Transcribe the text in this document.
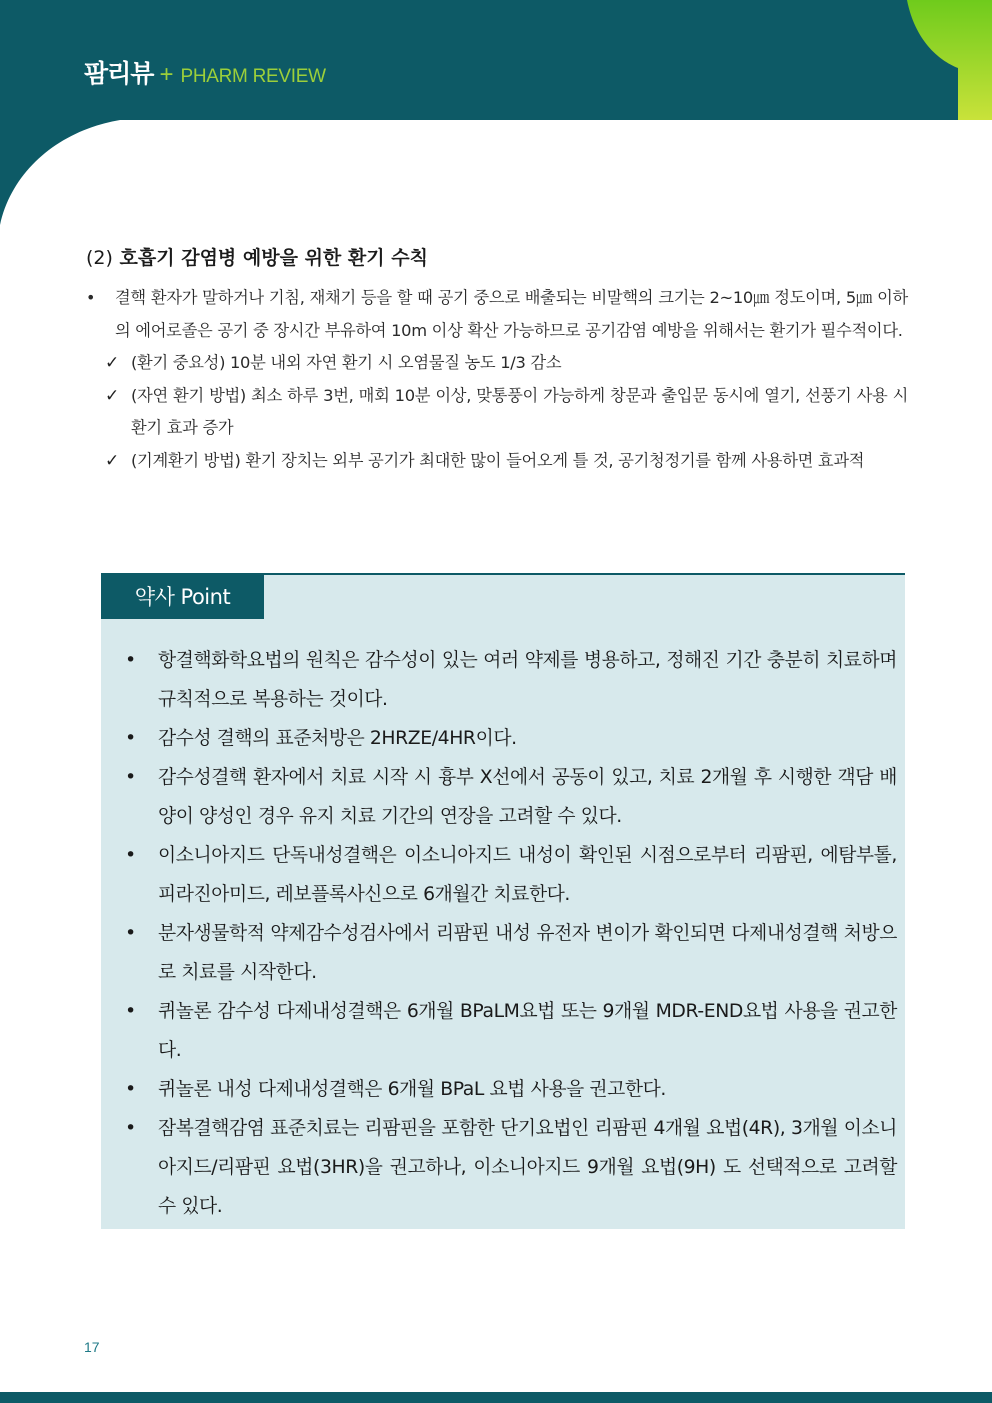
팜리뷰 + PHARM REVIEW
(2) 호흡기 감염병 예방을 위한 환기 수칙
• 결핵 환자가 말하거나 기침, 재채기 등을 할 때 공기 중으로 배출되는 비말핵의 크기는 2~10㎛ 정도이며, 5㎛ 이하의 에어로졸은 공기 중 장시간 부유하여 10m 이상 확산 가능하므로 공기감염 예방을 위해서는 환기가 필수적이다.
✓ (환기 중요성) 10분 내외 자연 환기 시 오염물질 농도 1/3 감소
✓ (자연 환기 방법) 최소 하루 3번, 매회 10분 이상, 맞통풍이 가능하게 창문과 출입문 동시에 열기, 선풍기 사용 시 환기 효과 증가
✓ (기계환기 방법) 환기 장치는 외부 공기가 최대한 많이 들어오게 틀 것, 공기청정기를 함께 사용하면 효과적
약사 Point
• 항결핵화학요법의 원칙은 감수성이 있는 여러 약제를 병용하고, 정해진 기간 충분히 치료하며 규칙적으로 복용하는 것이다.
• 감수성 결핵의 표준처방은 2HRZE/4HR이다.
• 감수성결핵 환자에서 치료 시작 시 흉부 X선에서 공동이 있고, 치료 2개월 후 시행한 객담 배양이 양성인 경우 유지 치료 기간의 연장을 고려할 수 있다.
• 이소니아지드 단독내성결핵은 이소니아지드 내성이 확인된 시점으로부터 리팜핀, 에탐부톨, 피라진아미드, 레보플록사신으로 6개월간 치료한다.
• 분자생물학적 약제감수성검사에서 리팜핀 내성 유전자 변이가 확인되면 다제내성결핵 처방으로 치료를 시작한다.
• 퀴놀론 감수성 다제내성결핵은 6개월 BPaLM요법 또는 9개월 MDR-END요법 사용을 권고한다.
• 퀴놀론 내성 다제내성결핵은 6개월 BPaL 요법 사용을 권고한다.
• 잠복결핵감염 표준치료는 리팜핀을 포함한 단기요법인 리팜핀 4개월 요법(4R), 3개월 이소니아지드/리팜핀 요법(3HR)을 권고하나, 이소니아지드 9개월 요법(9H) 도 선택적으로 고려할 수 있다.
17
